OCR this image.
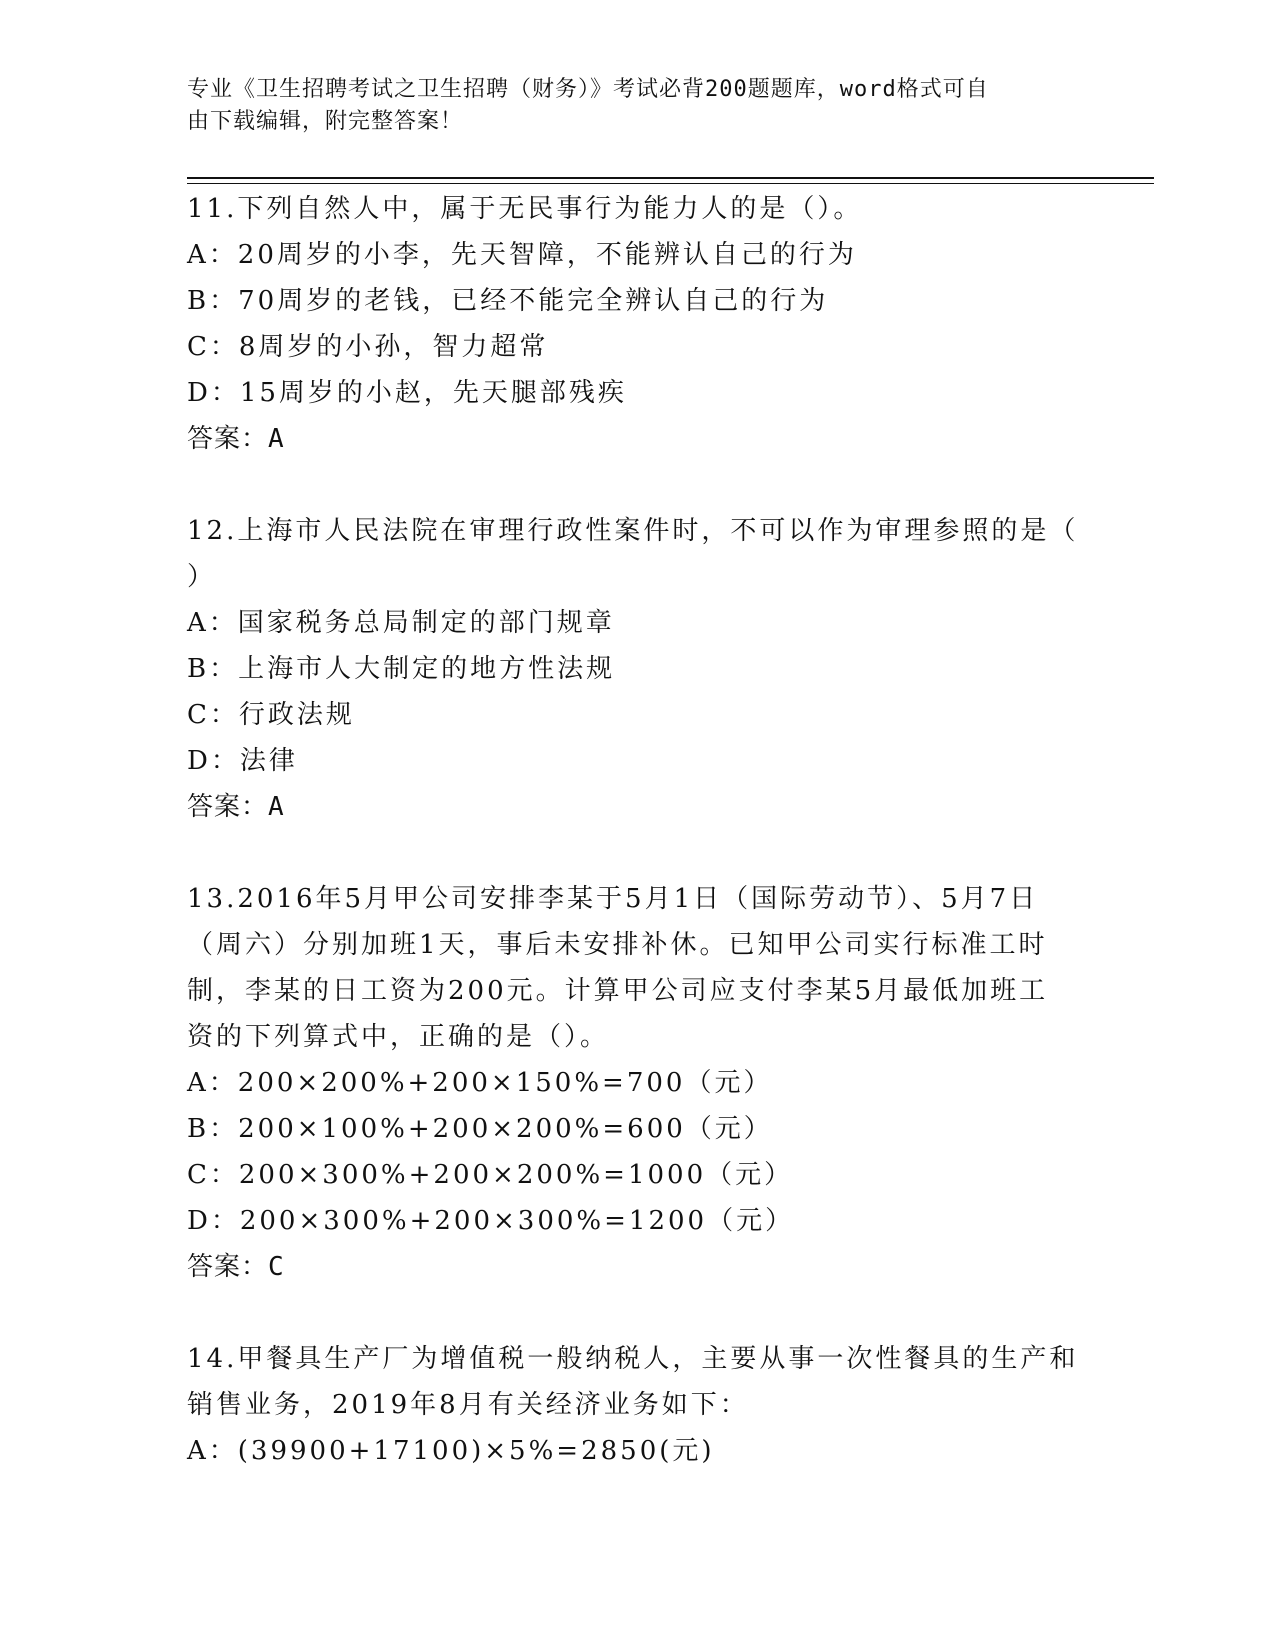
专业《卫生招聘考试之卫生招聘（财务）》考试必背200题题库，word格式可自
由下载编辑，附完整答案！

11.下列自然人中，属于无民事行为能力人的是（）。

A：20周岁的小李，先天智障，不能辨认自己的行为

B：70周岁的老钱，已经不能完全辨认自己的行为

C：8周岁的小孙，智力超常

D：15周岁的小赵，先天腿部残疾

答案：A

12.上海市人民法院在审理行政性案件时，不可以作为审理参照的是（

）

A：国家税务总局制定的部门规章

B：上海市人大制定的地方性法规

C：行政法规

D：法律

答案：A

13.2016年5月甲公司安排李某于5月1日（国际劳动节）、5月7日

（周六）分别加班1天，事后未安排补休。已知甲公司实行标准工时

制，李某的日工资为200元。计算甲公司应支付李某5月最低加班工

资的下列算式中，正确的是（）。

A：200×200%+200×150%=700（元）

B：200×100%+200×200%=600（元）

C：200×300%+200×200%=1000（元）

D：200×300%+200×300%=1200（元）

答案：C

14.甲餐具生产厂为增值税一般纳税人，主要从事一次性餐具的生产和

销售业务，2019年8月有关经济业务如下：

A：(39900+17100)×5%=2850(元)
